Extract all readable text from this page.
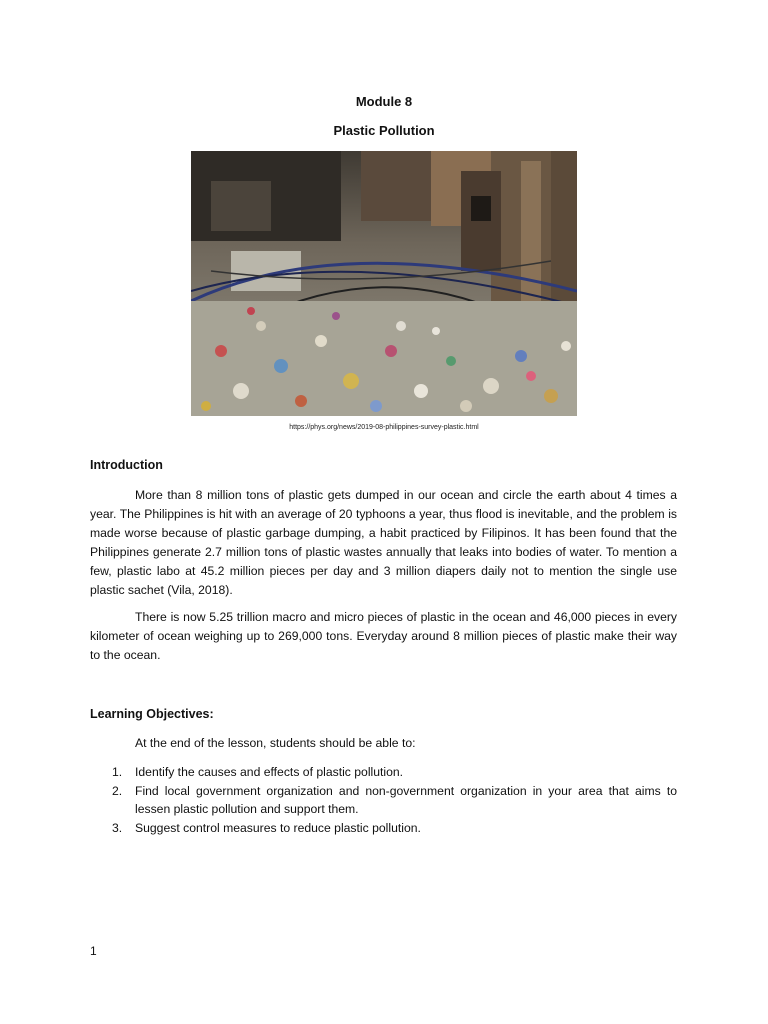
Module 8
Plastic Pollution
https://phys.org/news/2019-08-philippines-survey-plastic.html
Introduction

More than 8 million tons of plastic gets dumped in our ocean and circle the earth about 4 times a year. The Philippines is hit with an average of 20 typhoons a year, thus flood is inevitable, and the problem is made worse because of plastic garbage dumping, a habit practiced by Filipinos. It has been found that the Philippines generate 2.7 million tons of plastic wastes annually that leaks into bodies of water. To mention a few, plastic labo at 45.2 million pieces per day and 3 million diapers daily not to mention the single use plastic sachet (Vila, 2018).

There is now 5.25 trillion macro and micro pieces of plastic in the ocean and 46,000 pieces in every kilometer of ocean weighing up to 269,000 tons. Everyday around 8 million pieces of plastic make their way to the ocean.

Learning Objectives:
At the end of the lesson, students should be able to:
1. Identify the causes and effects of plastic pollution.
2. Find local government organization and non-government organization in your area that aims to lessen plastic pollution and support them.
3. Suggest control measures to reduce plastic pollution.
1
